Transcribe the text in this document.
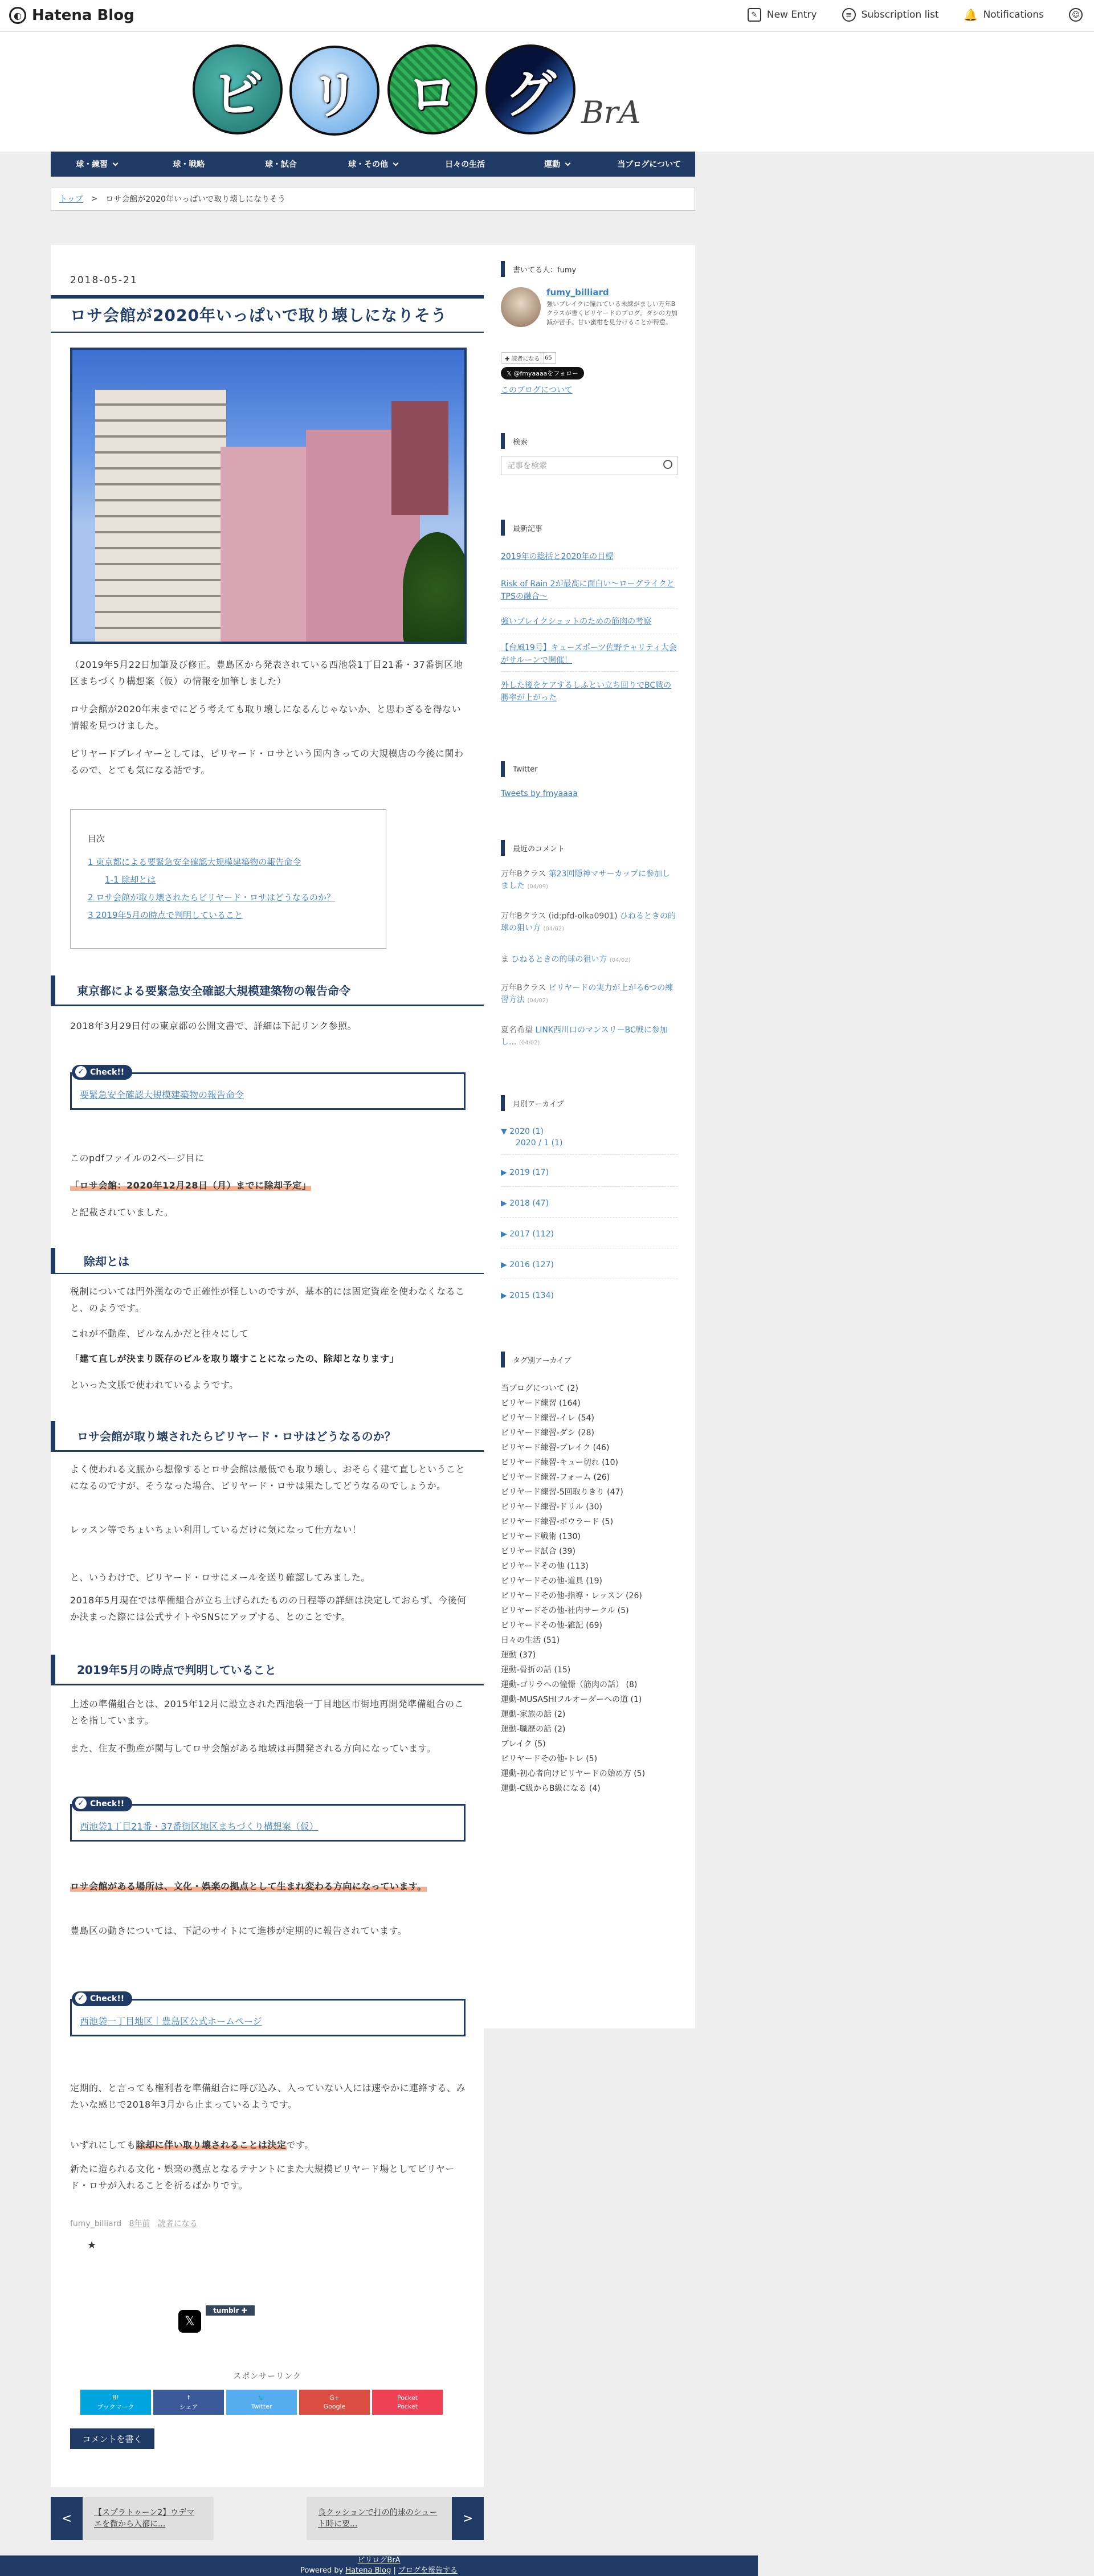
◐ Hatena Blog	✎ New Entry	≡ Subscription list 🔔 Notifications	☺
ビ リ ロ グ BrA
球・練習	球・戦略	球・試合	球・その他	日々の生活	運動	当ブログについて
トップ > ロサ会館が2020年いっぱいで取り壊しになりそう
2018-05-21
ロサ会館が2020年いっぱいで取り壊しになりそう
（2019年5月22日加筆及び修正。豊島区から発表されている西池袋1丁目21番・37番街区地区まちづくり構想案（仮）の情報を加筆しました）
ロサ会館が2020年末までにどう考えても取り壊しになるんじゃないか、と思わざるを得ない情報を見つけました。
ビリヤードプレイヤーとしては、ビリヤード・ロサという国内きっての大規模店の今後に関わるので、とても気になる話です。
目次
1 東京都による要緊急安全確認大規模建築物の報告命令
1-1 除却とは
2 ロサ会館が取り壊されたらビリヤード・ロサはどうなるのか？
3 2019年5月の時点で判明していること
東京都による要緊急安全確認大規模建築物の報告命令
2018年3月29日付の東京都の公開文書で、詳細は下記リンク参照。
✓ Check!!
要緊急安全確認大規模建築物の報告命令
このpdfファイルの2ページ目に
「ロサ会館：2020年12月28日（月）までに除却予定」
と記載されていました。
除却とは
税制については門外漢なので正確性が怪しいのですが、基本的には固定資産を使わなくなること、のようです。
これが不動産、ビルなんかだと往々にして
「建て直しが決まり既存のビルを取り壊すことになったの、除却となります」
といった文脈で使われているようです。
ロサ会館が取り壊されたらビリヤード・ロサはどうなるのか？
よく使われる文脈から想像するとロサ会館は最低でも取り壊し、おそらく建て直しということになるのですが、そうなった場合、ビリヤード・ロサは果たしてどうなるのでしょうか。
レッスン等でちょいちょい利用しているだけに気になって仕方ない！
と、いうわけで、ビリヤード・ロサにメールを送り確認してみました。
2018年5月現在では準備組合が立ち上げられたものの日程等の詳細は決定しておらず、今後何か決まった際には公式サイトやSNSにアップする、とのことです。
2019年5月の時点で判明していること
上述の準備組合とは、2015年12月に設立された西池袋一丁目地区市街地再開発準備組合のことを指しています。
また、住友不動産が関与してロサ会館がある地域は再開発される方向になっています。
✓ Check!!
西池袋1丁目21番・37番街区地区まちづくり構想案（仮）
ロサ会館がある場所は、文化・娯楽の拠点として生まれ変わる方向になっています。
豊島区の動きについては、下記のサイトにて進捗が定期的に報告されています。
✓ Check!!
西池袋一丁目地区｜豊島区公式ホームページ
定期的、と言っても権利者を準備組合に呼び込み、入っていない人には速やかに連絡する、みたいな感じで2018年3月から止まっているようです。
いずれにしても除却に伴い取り壊されることは決定です。
新たに造られる文化・娯楽の拠点となるテナントにまた大規模ビリヤード場としてビリヤード・ロサが入れることを祈るばかりです。
fumy_billiard 8年前 読者になる
★
𝕏
tumblr ✚
スポンサーリンク
B!
ブックマーク
f
シェア
🐦
Twitter
G+
Google
Pocket
Pocket
コメントを書く
<	【スプラトゥーン2】ウデマエを微から入都に...
良クッションで打の的球のシュート時に要...	>
書いてる人：fumy
fumy_billiard
強いブレイクに憧れている未練がましい万年Bクラスが書くビリヤードのブログ。ダシの力加減が苦手。甘い蜜柑を見分けることが得意。
✚ 読者になる 65
𝕏 @fmyaaaaをフォロー
このブログについて
検索
記事を検索
最新記事
2019年の総括と2020年の目標
Risk of Rain 2が最高に面白い〜ローグライクとTPSの融合〜
強いブレイクショットのための筋肉の考察
【台風19号】キューズポーツ佐野チャリティ大会がサルーンで開催！
外した後をケアするしふとい立ち回りでBC戦の勝率が上がった
Twitter
Tweets by fmyaaaa
最近のコメント
万年Bクラス 第23回隠神マサーカップに参加しました (04/09)
万年Bクラス (id:pfd-olka0901) ひねるときの的球の狙い方 (04/02)
ま ひねるときの的球の狙い方 (04/02)
万年Bクラス ビリヤードの実力が上がる6つの練習方法 (04/02)
夏名希望 LINK西川口のマンスリーBC戦に参加し... (04/02)
月別アーカイブ
▼ 2020 (1)
2020 / 1 (1)
▶ 2019 (17)
▶ 2018 (47)
▶ 2017 (112)
▶ 2016 (127)
▶ 2015 (134)
タグ別アーカイブ
当ブログについて (2)
ビリヤード練習 (164)
ビリヤード練習-イレ (54)
ビリヤード練習-ダシ (28)
ビリヤード練習-ブレイク (46)
ビリヤード練習-キュー切れ (10)
ビリヤード練習-フォーム (26)
ビリヤード練習-5回取りきり (47)
ビリヤード練習-ドリル (30)
ビリヤード練習-ボウラード (5)
ビリヤード戦術 (130)
ビリヤード試合 (39)
ビリヤードその他 (113)
ビリヤードその他-道具 (19)
ビリヤードその他-指導・レッスン (26)
ビリヤードその他-社内サークル (5)
ビリヤードその他-雑記 (69)
日々の生活 (51)
運動 (37)
運動-骨折の話 (15)
運動-ゴリラへの憧憬（筋肉の話） (8)
運動-MUSASHIフルオーダーへの道 (1)
運動-家族の話 (2)
運動-職歴の話 (2)
ブレイク (5)
ビリヤードその他-トレ (5)
運動-初心者向けビリヤードの始め方 (5)
運動-C級からB級になる (4)
ビリログBrA
Powered by Hatena Blog | ブログを報告する
